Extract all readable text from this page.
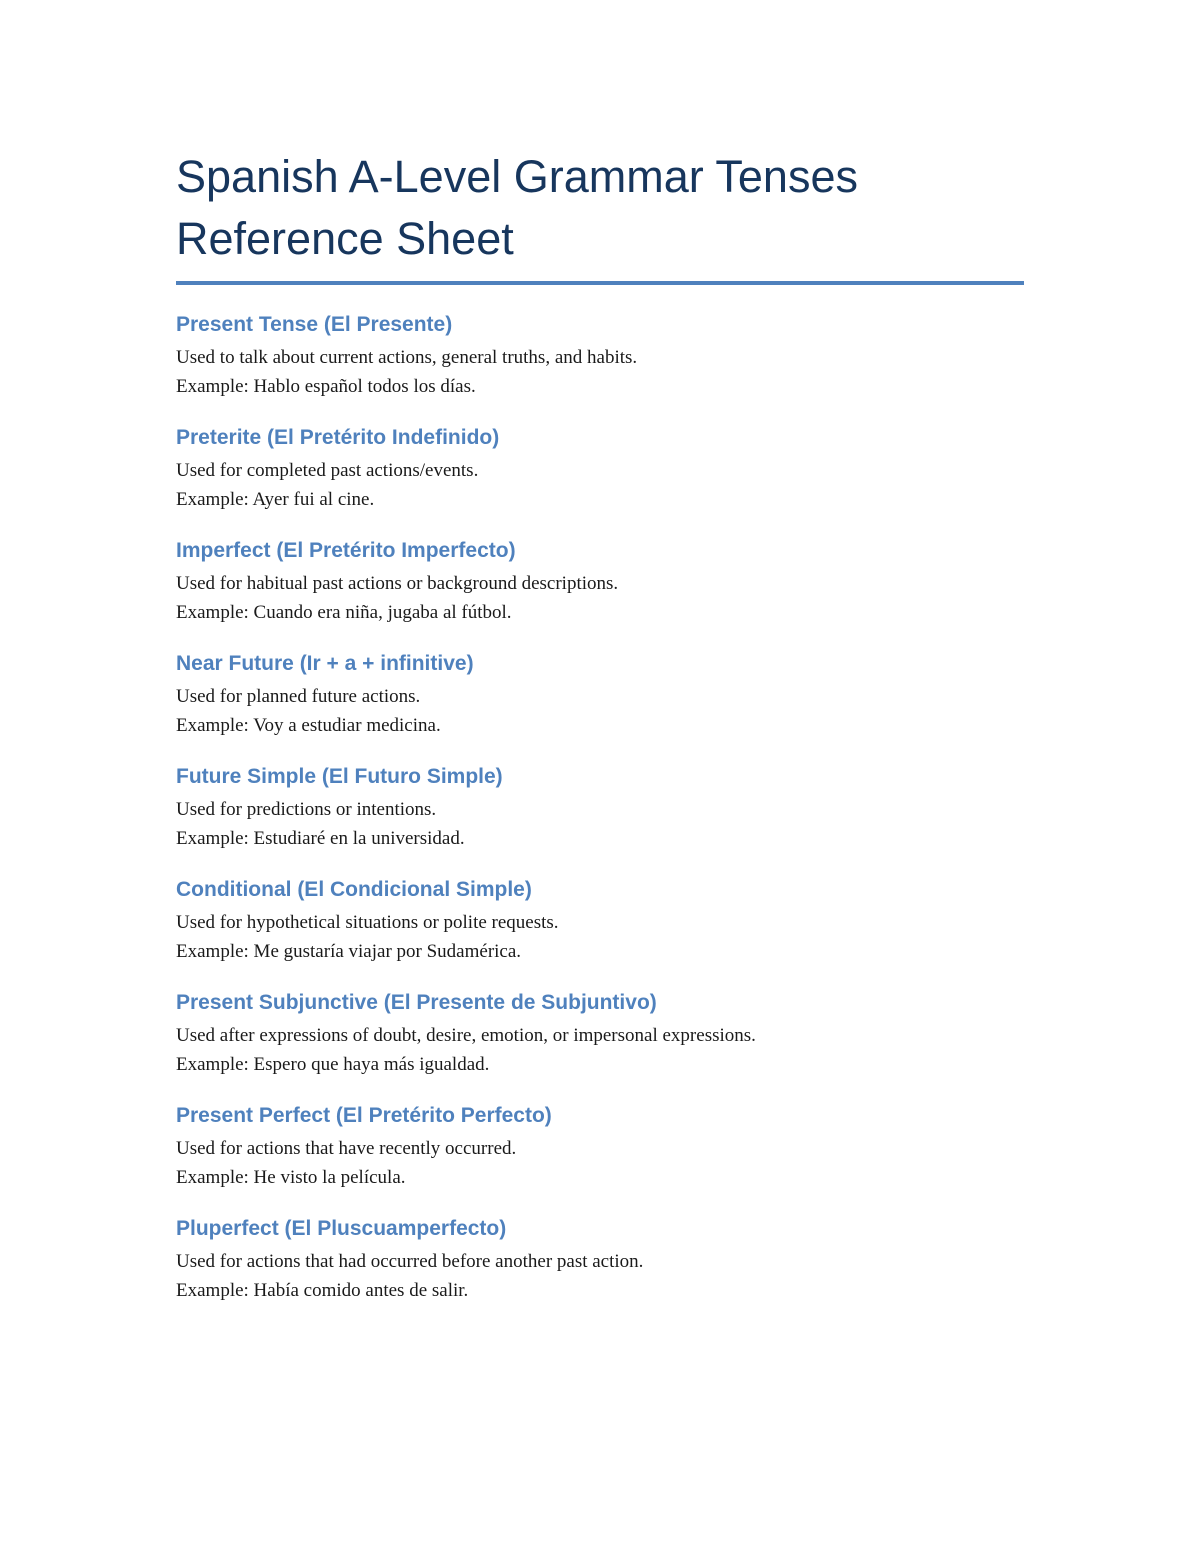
Spanish A-Level Grammar Tenses
Reference Sheet
Present Tense (El Presente)
Used to talk about current actions, general truths, and habits.
Example: Hablo español todos los días.
Preterite (El Pretérito Indefinido)
Used for completed past actions/events.
Example: Ayer fui al cine.
Imperfect (El Pretérito Imperfecto)
Used for habitual past actions or background descriptions.
Example: Cuando era niña, jugaba al fútbol.
Near Future (Ir + a + infinitive)
Used for planned future actions.
Example: Voy a estudiar medicina.
Future Simple (El Futuro Simple)
Used for predictions or intentions.
Example: Estudiaré en la universidad.
Conditional (El Condicional Simple)
Used for hypothetical situations or polite requests.
Example: Me gustaría viajar por Sudamérica.
Present Subjunctive (El Presente de Subjuntivo)
Used after expressions of doubt, desire, emotion, or impersonal expressions.
Example: Espero que haya más igualdad.
Present Perfect (El Pretérito Perfecto)
Used for actions that have recently occurred.
Example: He visto la película.
Pluperfect (El Pluscuamperfecto)
Used for actions that had occurred before another past action.
Example: Había comido antes de salir.
